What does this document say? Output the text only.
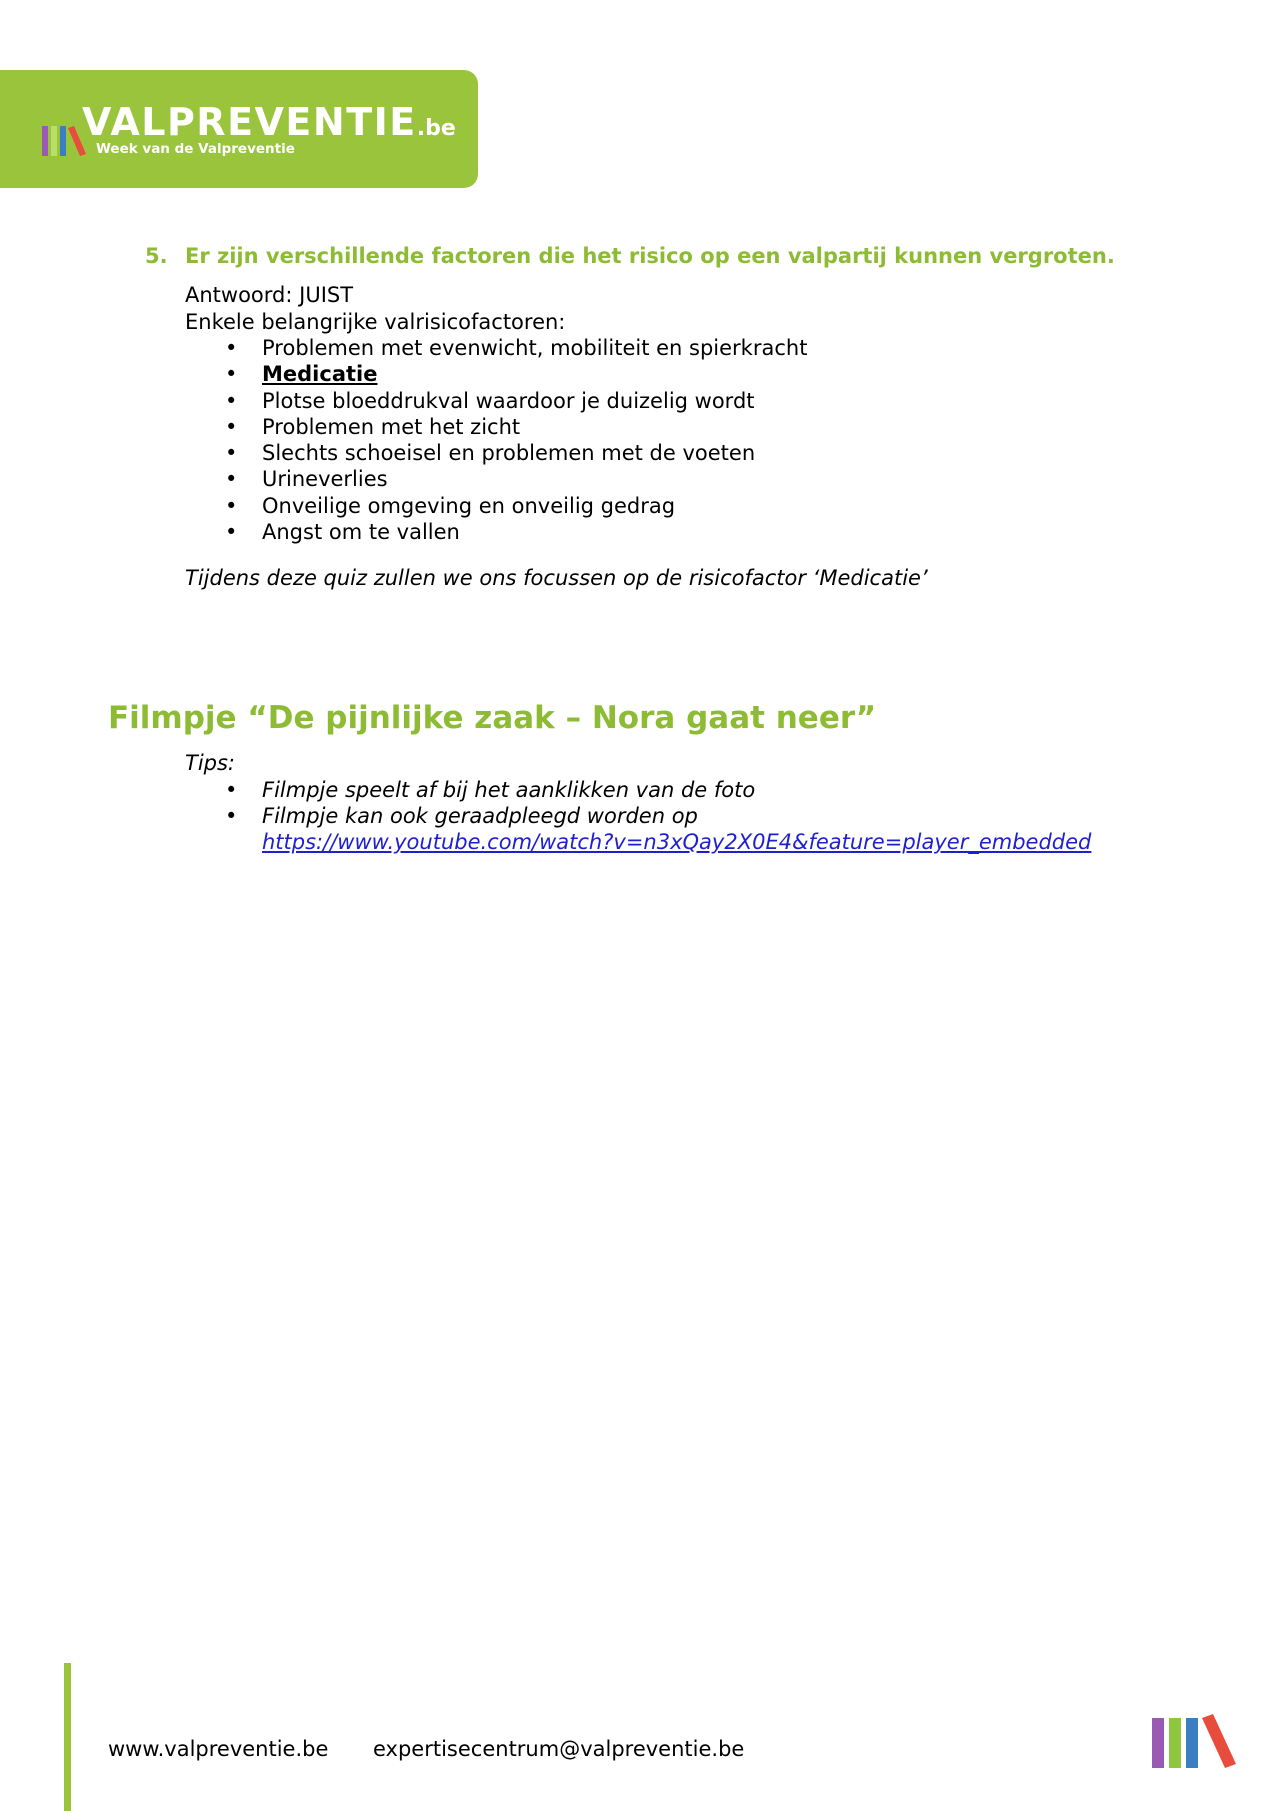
VALPREVENTIE.be
Week van de Valpreventie
5. Er zijn verschillende factoren die het risico op een valpartij kunnen vergroten.
Antwoord: JUIST
Enkele belangrijke valrisicofactoren:
• Problemen met evenwicht, mobiliteit en spierkracht
• Medicatie
• Plotse bloeddrukval waardoor je duizelig wordt
• Problemen met het zicht
• Slechts schoeisel en problemen met de voeten
• Urineverlies
• Onveilige omgeving en onveilig gedrag
• Angst om te vallen
Tijdens deze quiz zullen we ons focussen op de risicofactor ‘Medicatie’
Filmpje “De pijnlijke zaak – Nora gaat neer”
Tips:
• Filmpje speelt af bij het aanklikken van de foto
• Filmpje kan ook geraadpleegd worden op
https://www.youtube.com/watch?v=n3xQay2X0E4&feature=player_embedded
www.valpreventie.be expertisecentrum@valpreventie.be
